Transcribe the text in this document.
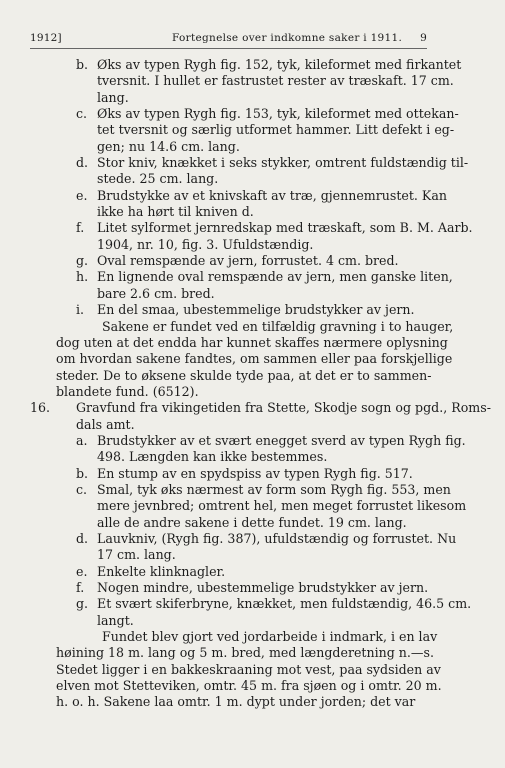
1912]	Fortegnelse over indkomne saker i 1911. 9
b. Øks av typen Rygh fig. 152, tyk, kileformet med firkantet
tversnit. I hullet er fastrustet rester av træskaft. 17 cm.
lang.
c. Øks av typen Rygh fig. 153, tyk, kileformet med ottekan-
tet tversnit og særlig utformet hammer. Litt defekt i eg-
gen; nu 14.6 cm. lang.
d. Stor kniv, knækket i seks stykker, omtrent fuldstændig til-
stede. 25 cm. lang.
e. Brudstykke av et knivskaft av træ, gjennemrustet. Kan
ikke ha hørt til kniven d.
f. Litet sylformet jernredskap med træskaft, som B. M. Aarb.
1904, nr. 10, fig. 3. Ufuldstændig.
g. Oval remspænde av jern, forrustet. 4 cm. bred.
h. En lignende oval remspænde av jern, men ganske liten,
bare 2.6 cm. bred.
i. En del smaa, ubestemmelige brudstykker av jern.
Sakene er fundet ved en tilfældig gravning i to hauger,
dog uten at det endda har kunnet skaffes nærmere oplysning
om hvordan sakene fandtes, om sammen eller paa forskjellige
steder. De to øksene skulde tyde paa, at det er to sammen-
blandete fund. (6512).
16. Gravfund fra vikingetiden fra Stette, Skodje sogn og pgd., Roms-
dals amt.
a. Brudstykker av et svært enegget sverd av typen Rygh fig.
498. Længden kan ikke bestemmes.
b. En stump av en spydspiss av typen Rygh fig. 517.
c. Smal, tyk øks nærmest av form som Rygh fig. 553, men
mere jevnbred; omtrent hel, men meget forrustet likesom
alle de andre sakene i dette fundet. 19 cm. lang.
d. Lauvkniv, (Rygh fig. 387), ufuldstændig og forrustet. Nu
17 cm. lang.
e. Enkelte klinknagler.
f. Nogen mindre, ubestemmelige brudstykker av jern.
g. Et svært skiferbryne, knækket, men fuldstændig, 46.5 cm.
langt.
Fundet blev gjort ved jordarbeide i indmark, i en lav
høining 18 m. lang og 5 m. bred, med længderetning n.—s.
Stedet ligger i en bakkeskraaning mot vest, paa sydsiden av
elven mot Stetteviken, omtr. 45 m. fra sjøen og i omtr. 20 m.
h. o. h. Sakene laa omtr. 1 m. dypt under jorden; det var
